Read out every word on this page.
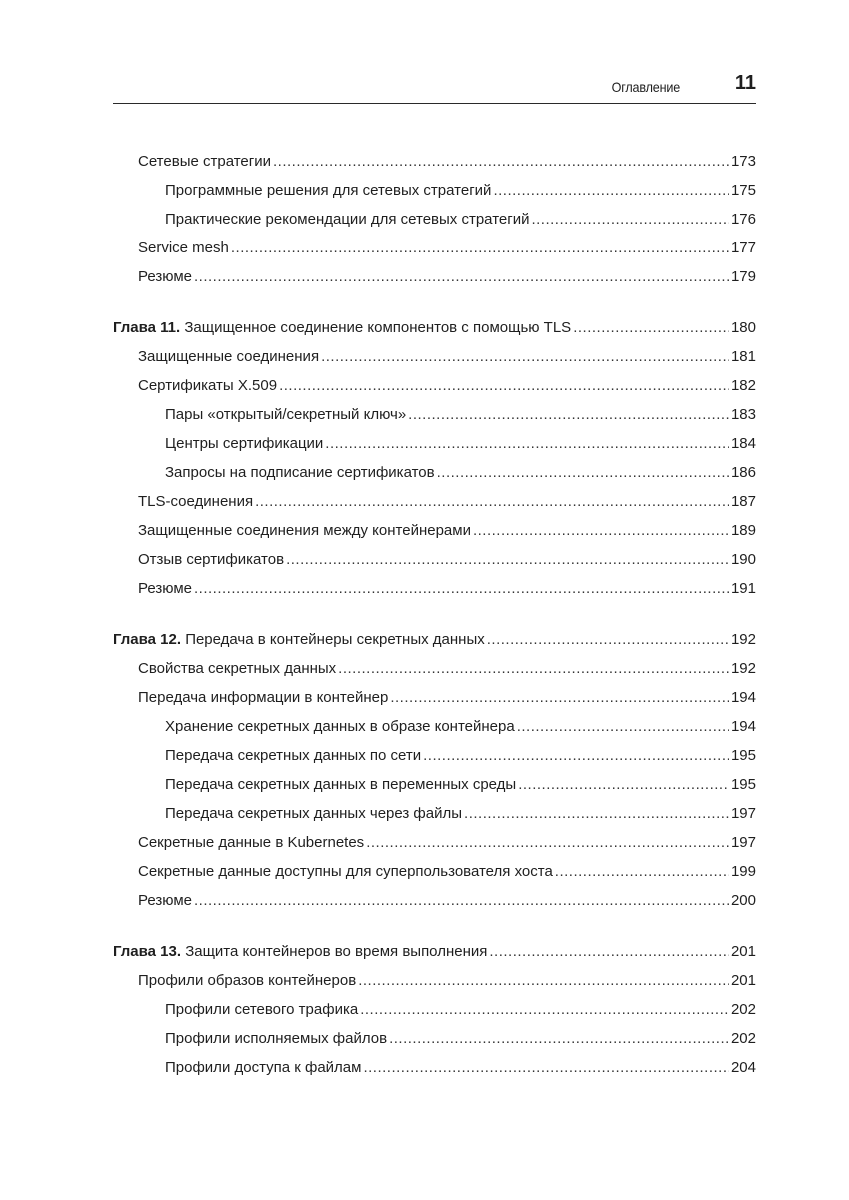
Оглавление	11
Сетевые стратегии .....	173
Программные решения для сетевых стратегий .....	175
Практические рекомендации для сетевых стратегий .....	176
Service mesh .....	177
Резюме .....	179
Глава 11. Защищенное соединение компонентов с помощью TLS .....	180
Защищенные соединения .....	181
Сертификаты X.509 .....	182
Пары «открытый/секретный ключ» .....	183
Центры сертификации .....	184
Запросы на подписание сертификатов .....	186
TLS-соединения .....	187
Защищенные соединения между контейнерами .....	189
Отзыв сертификатов .....	190
Резюме .....	191
Глава 12. Передача в контейнеры секретных данных .....	192
Свойства секретных данных .....	192
Передача информации в контейнер .....	194
Хранение секретных данных в образе контейнера .....	194
Передача секретных данных по сети .....	195
Передача секретных данных в переменных среды .....	195
Передача секретных данных через файлы .....	197
Секретные данные в Kubernetes .....	197
Секретные данные доступны для суперпользователя хоста .....	199
Резюме .....	200
Глава 13. Защита контейнеров во время выполнения .....	201
Профили образов контейнеров .....	201
Профили сетевого трафика .....	202
Профили исполняемых файлов .....	202
Профили доступа к файлам .....	204
